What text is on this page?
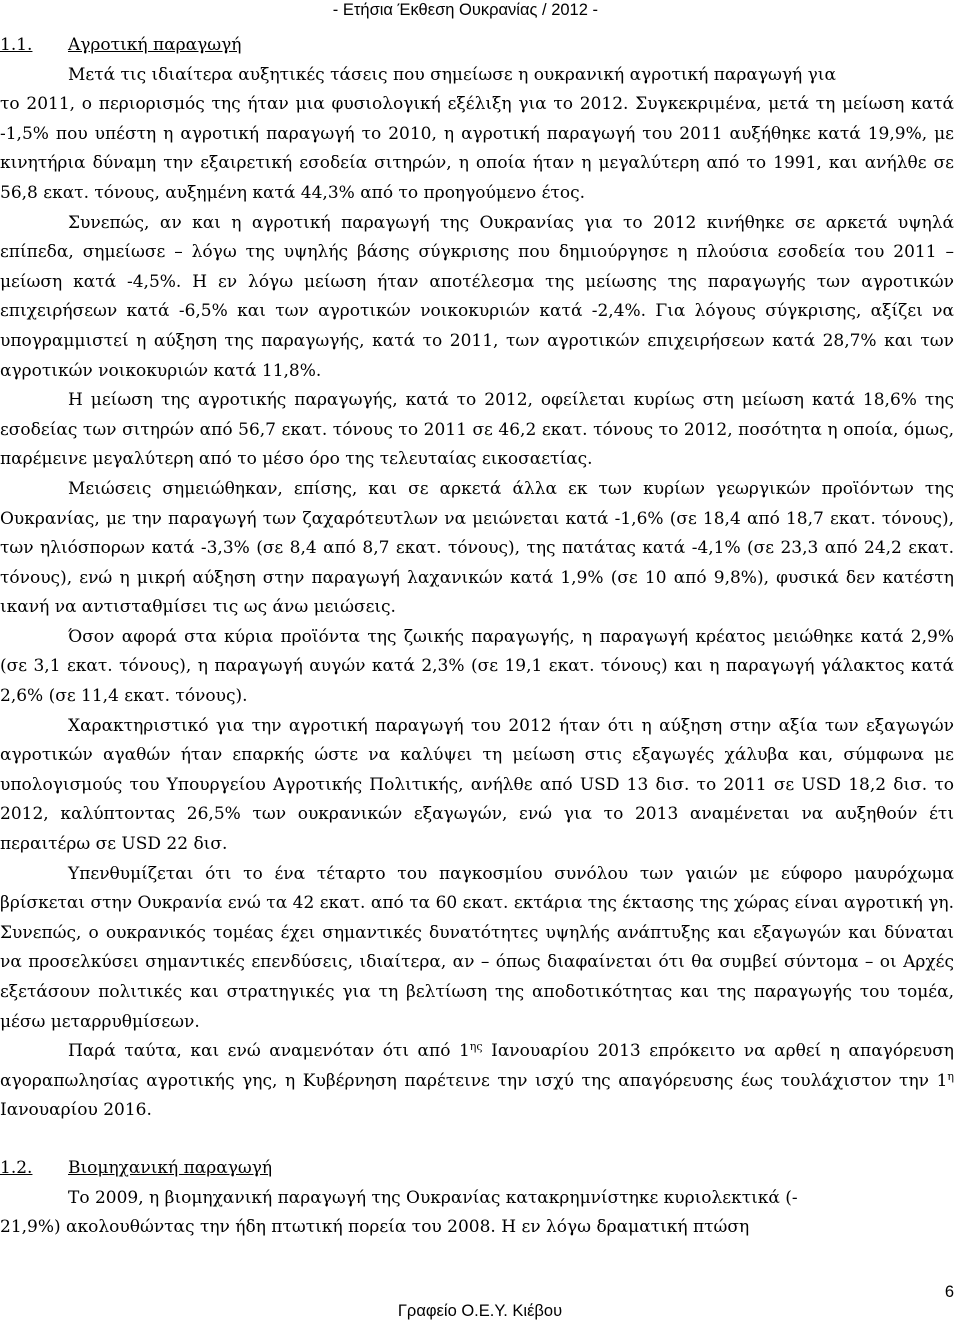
- Ετήσια Έκθεση Ουκρανίας / 2012 -
1.1.	Αγροτική παραγωγή

Μετά τις ιδιαίτερα αυξητικές τάσεις που σημείωσε η ουκρανική αγροτική παραγωγή για

το 2011, ο περιορισμός της ήταν μια φυσιολογική εξέλιξη για το 2012. Συγκεκριμένα, μετά τη μείωση κατά -1,5% που υπέστη η αγροτική παραγωγή το 2010, η αγροτική παραγωγή του 2011 αυξήθηκε κατά 19,9%, με κινητήρια δύναμη την εξαιρετική εσοδεία σιτηρών, η οποία ήταν η μεγαλύτερη από το 1991, και ανήλθε σε 56,8 εκατ. τόνους, αυξημένη κατά 44,3% από το προηγούμενο έτος.

Συνεπώς, αν και η αγροτική παραγωγή της Ουκρανίας για το 2012 κινήθηκε σε αρκετά υψηλά επίπεδα, σημείωσε – λόγω της υψηλής βάσης σύγκρισης που δημιούργησε η πλούσια εσοδεία του 2011 – μείωση κατά -4,5%. Η εν λόγω μείωση ήταν αποτέλεσμα της μείωσης της παραγωγής των αγροτικών επιχειρήσεων κατά -6,5% και των αγροτικών νοικοκυριών κατά -2,4%. Για λόγους σύγκρισης, αξίζει να υπογραμμιστεί η αύξηση της παραγωγής, κατά το 2011, των αγροτικών επιχειρήσεων κατά 28,7% και των αγροτικών νοικοκυριών κατά 11,8%.

Η μείωση της αγροτικής παραγωγής, κατά το 2012, οφείλεται κυρίως στη μείωση κατά 18,6% της εσοδείας των σιτηρών από 56,7 εκατ. τόνους το 2011 σε 46,2 εκατ. τόνους το 2012, ποσότητα η οποία, όμως, παρέμεινε μεγαλύτερη από το μέσο όρο της τελευταίας εικοσαετίας.

Μειώσεις σημειώθηκαν, επίσης, και σε αρκετά άλλα εκ των κυρίων γεωργικών προϊόντων της Ουκρανίας, με την παραγωγή των ζαχαρότευτλων να μειώνεται κατά -1,6% (σε 18,4 από 18,7 εκατ. τόνους), των ηλιόσπορων κατά -3,3% (σε 8,4 από 8,7 εκατ. τόνους), της πατάτας κατά -4,1% (σε 23,3 από 24,2 εκατ. τόνους), ενώ η μικρή αύξηση στην παραγωγή λαχανικών κατά 1,9% (σε 10 από 9,8%), φυσικά δεν κατέστη ικανή να αντισταθμίσει τις ως άνω μειώσεις.

Όσον αφορά στα κύρια προϊόντα της ζωικής παραγωγής, η παραγωγή κρέατος μειώθηκε κατά 2,9% (σε 3,1 εκατ. τόνους), η παραγωγή αυγών κατά 2,3% (σε 19,1 εκατ. τόνους) και η παραγωγή γάλακτος κατά 2,6% (σε 11,4 εκατ. τόνους).

Χαρακτηριστικό για την αγροτική παραγωγή του 2012 ήταν ότι η αύξηση στην αξία των εξαγωγών αγροτικών αγαθών ήταν επαρκής ώστε να καλύψει τη μείωση στις εξαγωγές χάλυβα και, σύμφωνα με υπολογισμούς του Υπουργείου Αγροτικής Πολιτικής, ανήλθε από USD 13 δισ. το 2011 σε USD 18,2 δισ. το 2012, καλύπτοντας 26,5% των ουκρανικών εξαγωγών, ενώ για το 2013 αναμένεται να αυξηθούν έτι περαιτέρω σε USD 22 δισ.

Υπενθυμίζεται ότι το ένα τέταρτο του παγκοσμίου συνόλου των γαιών με εύφορο μαυρόχωμα βρίσκεται στην Ουκρανία ενώ τα 42 εκατ. από τα 60 εκατ. εκτάρια της έκτασης της χώρας είναι αγροτική γη. Συνεπώς, ο ουκρανικός τομέας έχει σημαντικές δυνατότητες υψηλής ανάπτυξης και εξαγωγών και δύναται να προσελκύσει σημαντικές επενδύσεις, ιδιαίτερα, αν – όπως διαφαίνεται ότι θα συμβεί σύντομα – οι Αρχές εξετάσουν πολιτικές και στρατηγικές για τη βελτίωση της αποδοτικότητας και της παραγωγής του τομέα, μέσω μεταρρυθμίσεων.

Παρά ταύτα, και ενώ αναμενόταν ότι από $1^{\eta\varsigma}$ Ιανουαρίου 2013 επρόκειτο να αρθεί η απαγόρευση αγοραπωλησίας αγροτικής γης, η Κυβέρνηση παρέτεινε την ισχύ της απαγόρευσης έως τουλάχιστον την $1^\eta$ Ιανουαρίου 2016.

1.2.	Βιομηχανική παραγωγή

Το 2009, η βιομηχανική παραγωγή της Ουκρανίας κατακρημνίστηκε κυριολεκτικά (-

21,9%) ακολουθώντας την ήδη πτωτική πορεία του 2008. Η εν λόγω δραματική πτώση

6
Γραφείο Ο.Ε.Υ. Κιέβου
